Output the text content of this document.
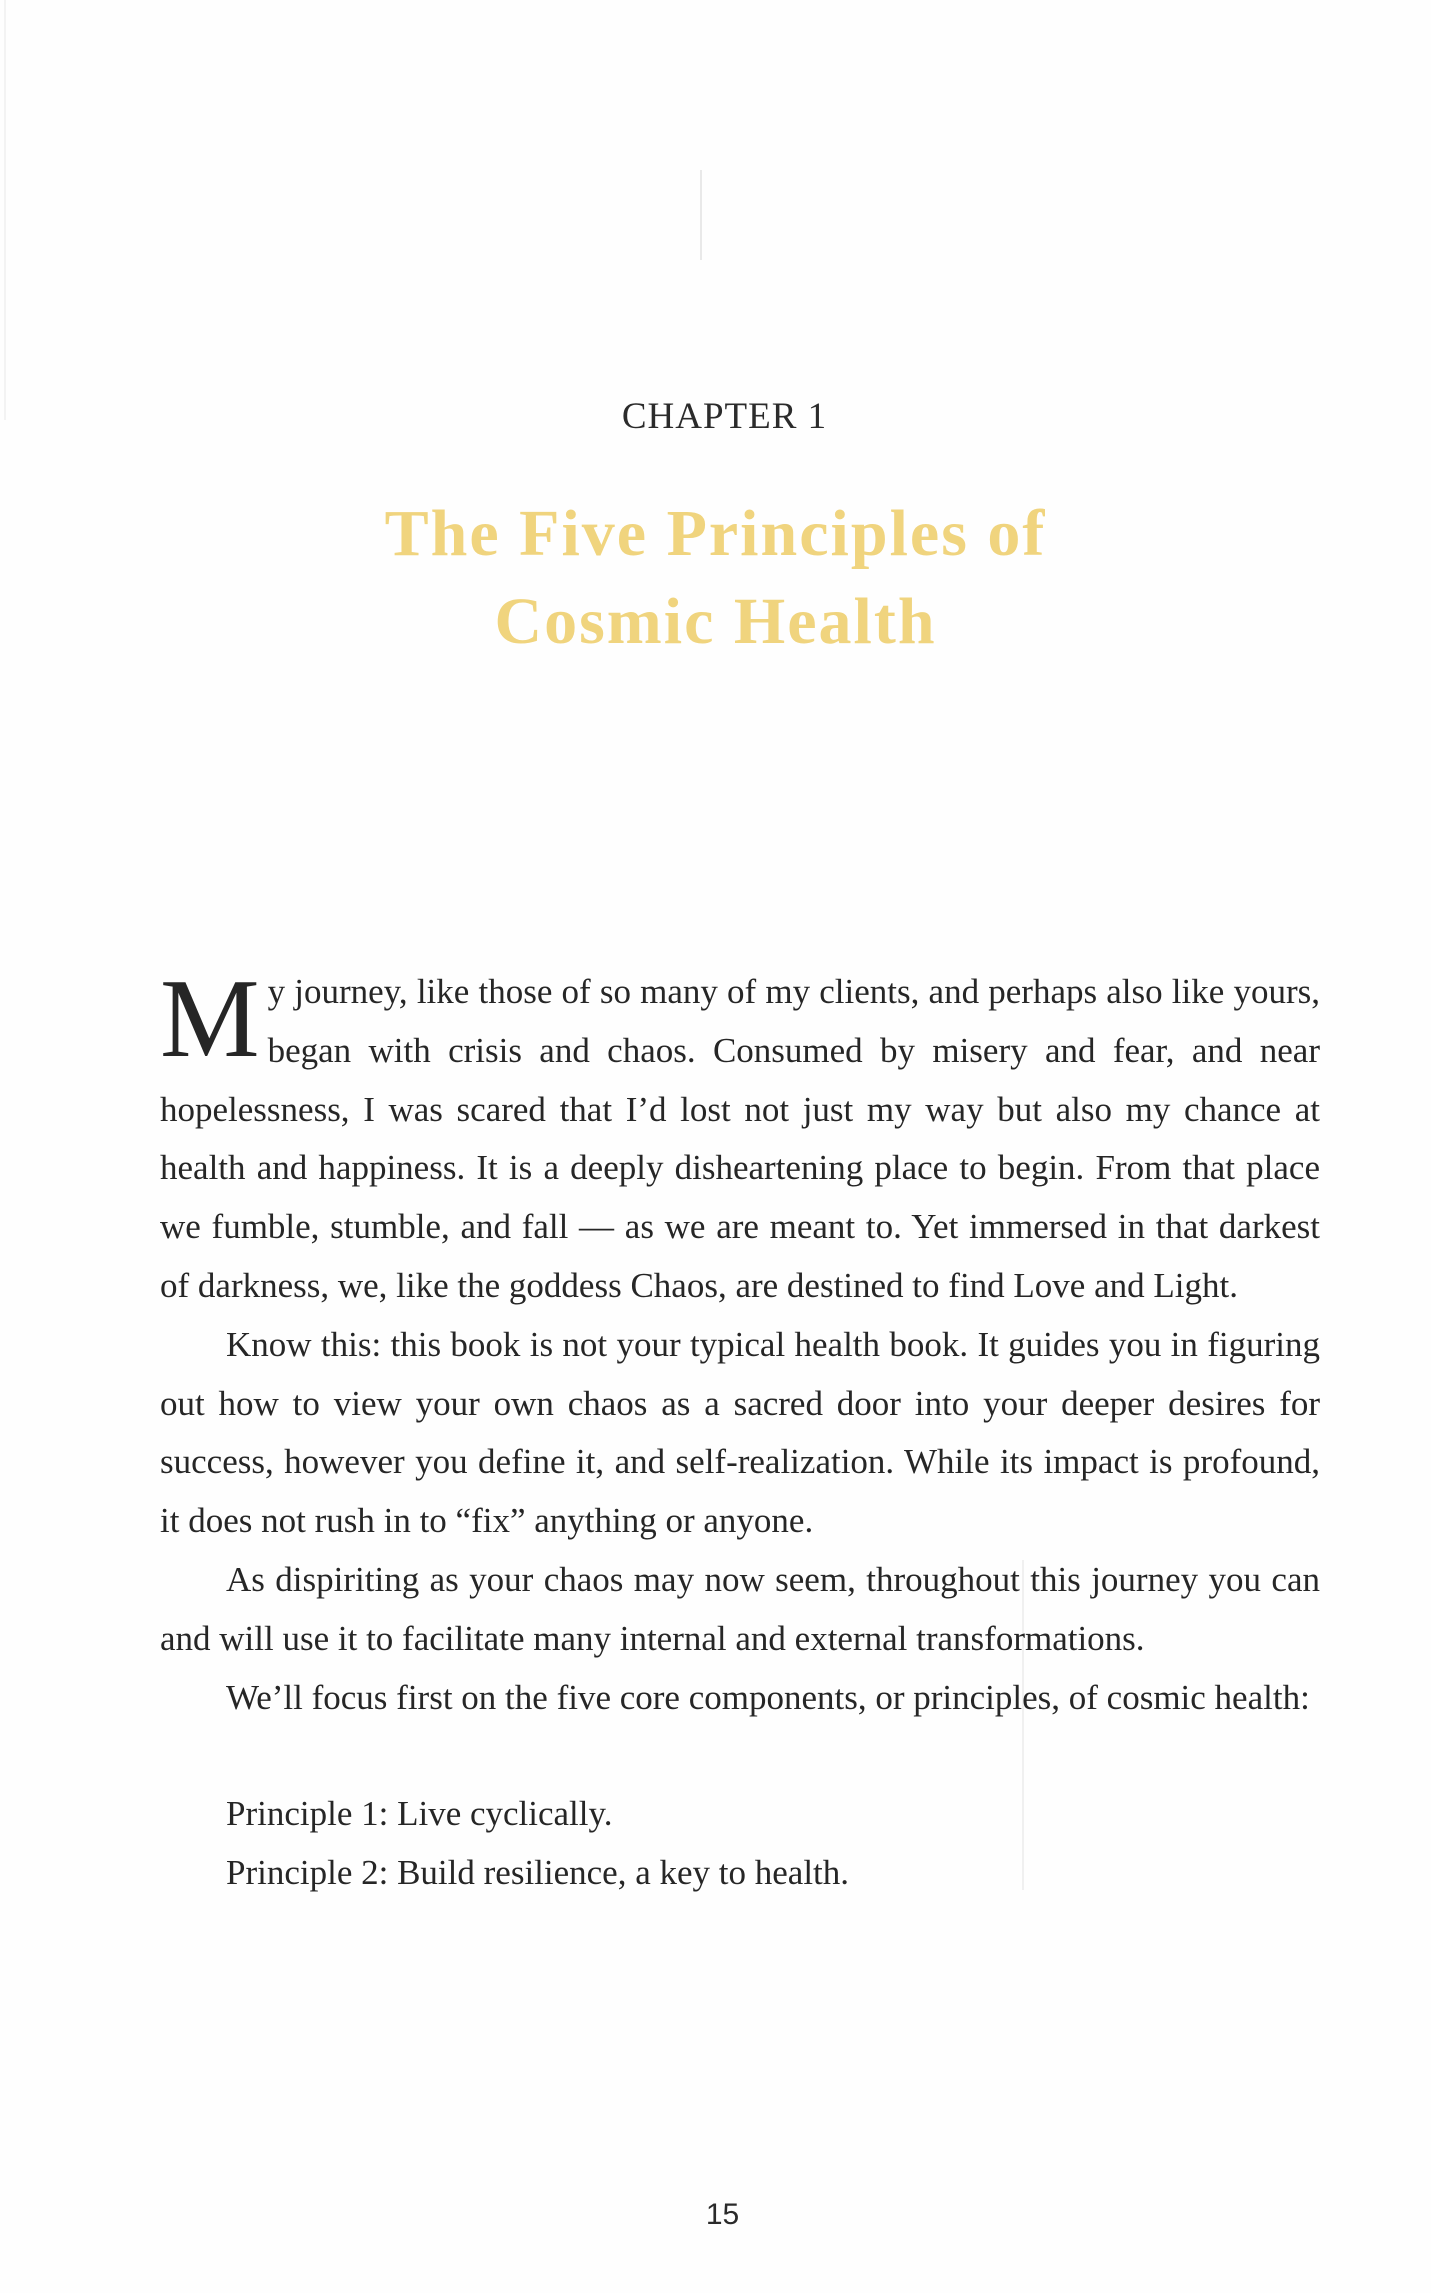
CHAPTER 1
The Five Principles of
Cosmic Health

My journey, like those of so many of my clients, and perhaps also like yours, began with crisis and chaos. Consumed by misery and fear, and near hopelessness, I was scared that I’d lost not just my way but also my chance at health and happiness. It is a deeply disheartening place to begin. From that place we fumble, stumble, and fall — as we are meant to. Yet immersed in that darkest of darkness, we, like the goddess Chaos, are destined to find Love and Light.

Know this: this book is not your typical health book. It guides you in figuring out how to view your own chaos as a sacred door into your deeper desires for success, however you define it, and self-realization. While its impact is profound, it does not rush in to “fix” anything or anyone.

As dispiriting as your chaos may now seem, throughout this journey you can and will use it to facilitate many internal and external transformations.

We’ll focus first on the five core components, or principles, of cosmic health:

Principle 1: Live cyclically.
Principle 2: Build resilience, a key to health.
15
